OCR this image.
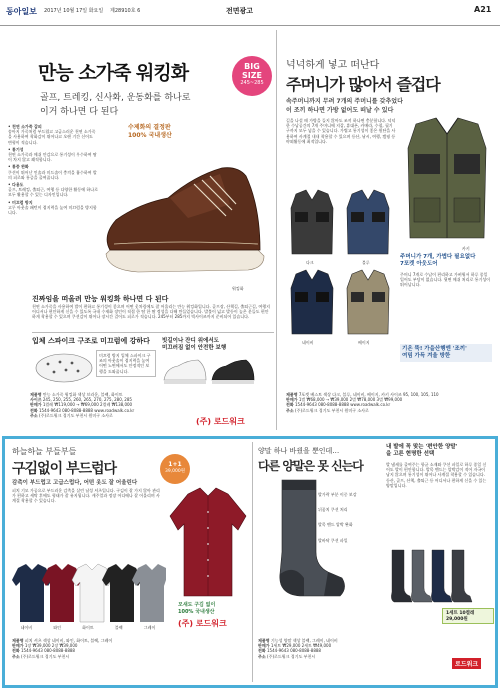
동아일보 2017년 10월 17일 화요일 제28910호 6	전면광고	A21
만능 소가죽 워킹화	BIG
SIZE
245~285
골프, 트레킹, 신사화, 운동화를 하나로
이거 하나면 다 된다
• 천연 소가죽 갑피
송아지 가죽처럼 부드럽고 고급스러운 천연 소가죽을 사용하여 착화감이 뛰어나고 오랜 기간 신어도 변형이 적습니다.
• 통기성
천연 소가죽과 메쉬 안감으로 통기성이 우수하여 땀이 차지 않고 쾌적합니다.
• 통증 완화
쿠션이 뛰어난 인솔과 미드솔이 충격을 흡수하여 발의 피로와 통증을 줄여줍니다.
• 다용도
골프, 트레킹, 출퇴근, 여행 등 다양한 활동에 하나로 모두 활용할 수 있는 디자인입니다.
• 미끄럼 방지
고무 아웃솔 패턴이 접지력을 높여 미끄럼을 방지합니다.
수제화의 결정판
100% 국내생산
워킹화
진짜임을 떠올려 만능 워킹화 하나면 다 된다
천연 소가죽을 사용하여 발이 편하고 통기성이 좋으며 어떤 옷차림에도 잘 어울리는 만능 워킹화입니다. 골프장, 산책길, 출퇴근길, 여행지 어디서나 편안하게 신을 수 있도록 국내 수제화 장인이 직접 한 땀 한 땀 정성을 다해 만들었습니다. 발볼이 넓고 발등이 높은 분들도 편안하게 착용할 수 있으며 쿠션감이 뛰어나 장시간 걸어도 피로가 적습니다. 245부터 285까지 빅사이즈까지 준비되어 있습니다.
입체 스파이크 구조로 미끄럼에 강하다
미끄럼 방지 입체 스파이크 구조의 아웃솔이 접지력을 높여 어떤 노면에서도 안정적인 보행을 도와줍니다.
빗길이나 잔디 위에서도
미끄러짐 없이 안전한 보행
제품명 만능 소가죽 워킹화 색상 브라운, 블랙, 화이트
사이즈 245, 250, 255, 260, 265, 270, 275, 280, 285
판매가 1켤레 ₩119,000 → ₩69,000 2켤레 ₩138,000
전화 1544-9643 080-8088-8888 www.roadwalk.co.kr
주소 (주)로드워크 경기도 부천시 원미구 소사로
(주) 로드워크
넉넉하게 넣고 떠난다
주머니가 많아서 즐겁다
속주머니까지 무려 7개의 주머니를 갖추었다
이 조끼 하나면 가방 없어도 떠날 수 있다
길을 나설 때 가방을 들지 않아도 조끼 하나면 충분합니다. 넉넉한 수납공간의 7개 주머니에 지갑, 휴대폰, 카메라, 수첩, 필기구까지 모두 넣을 수 있습니다. 가볍고 통기성이 좋은 원단을 사용하여 사계절 내내 착용할 수 있으며 등산, 낚시, 여행, 캠핑 등 야외활동에 최적입니다.
다크	블루
네이비	베이지
카키
주머니가 7개, 가볍다 필요없다
7포켓 아웃도어
주머니 7개로 수납이 편리하고 가벼워서 하루 종일 입어도 부담이 없습니다. 뒷면 메쉬 처리로 통기성이 뛰어납니다.
기온 뚝! 가을산행엔 '조끼'
여밈 가득 겨울 방한
제품명 7포켓 베스트 색상 다크, 블루, 네이비, 베이지, 카키 사이즈 95, 100, 105, 110
판매가 1벌 ₩68,000 → ₩39,000 2벌 ₩78,000 3벌 ₩99,000
전화 1544-9643 080-8088-8888 www.roadwalk.co.kr
주소 (주)로드워크 경기도 부천시 원미구 소사로
하늘하늘 부들부들
구김없이 부드럽다	1+1
39,000원
감촉이 부드럽고 고급스럽다, 어떤 옷도 잘 어울린다
피치 기모 가공으로 부드러운 감촉을 살린 남성 셔츠입니다. 구김이 잘 가지 않아 관리가 편하고 세탁 후에도 형태가 잘 유지됩니다. 캐주얼과 정장 어디에나 잘 어울리며 사계절 착용할 수 있습니다.
네이비	와인	화이트	블랙	그레이
모새도 구김 없이
100% 국내생산
(주) 로드워크
제품명 피치 셔츠 색상 네이비, 와인, 화이트, 블랙, 그레이
판매가 1장 ₩39,000 2장 ₩39,000
전화 1544-9643 080-8088-8888
주소 (주)로드워크 경기도 부천시
양말 하나 바꿨을 뿐인데…
다른 양말은 못 신는다
발가락 부분 이중 보강
뒤꿈치 쿠션 처리
발목 밴드 압박 완화
발바닥 쿠션 파일
내 발에 꼭 맞는 '편안한 양말'
을 고른 현명한 선택
발 냄새를 줄여주는 항균 소재와 쿠션 파일로 하루 종일 신어도 발이 편안합니다. 발목 밴드는 압박감이 적어 자국이 남지 않으며 통기성이 뛰어나 사계절 착용할 수 있습니다. 등산, 골프, 산책, 출퇴근 등 어디서나 편하게 신을 수 있는 양말입니다.
1세트 10켤레 29,000원
제품명 기능성 양말 색상 블랙, 그레이, 네이비
판매가 1세트 ₩29,000 2세트 ₩49,000
전화 1544-9643 080-8088-8888
주소 (주)로드워크 경기도 부천시
로드워크
